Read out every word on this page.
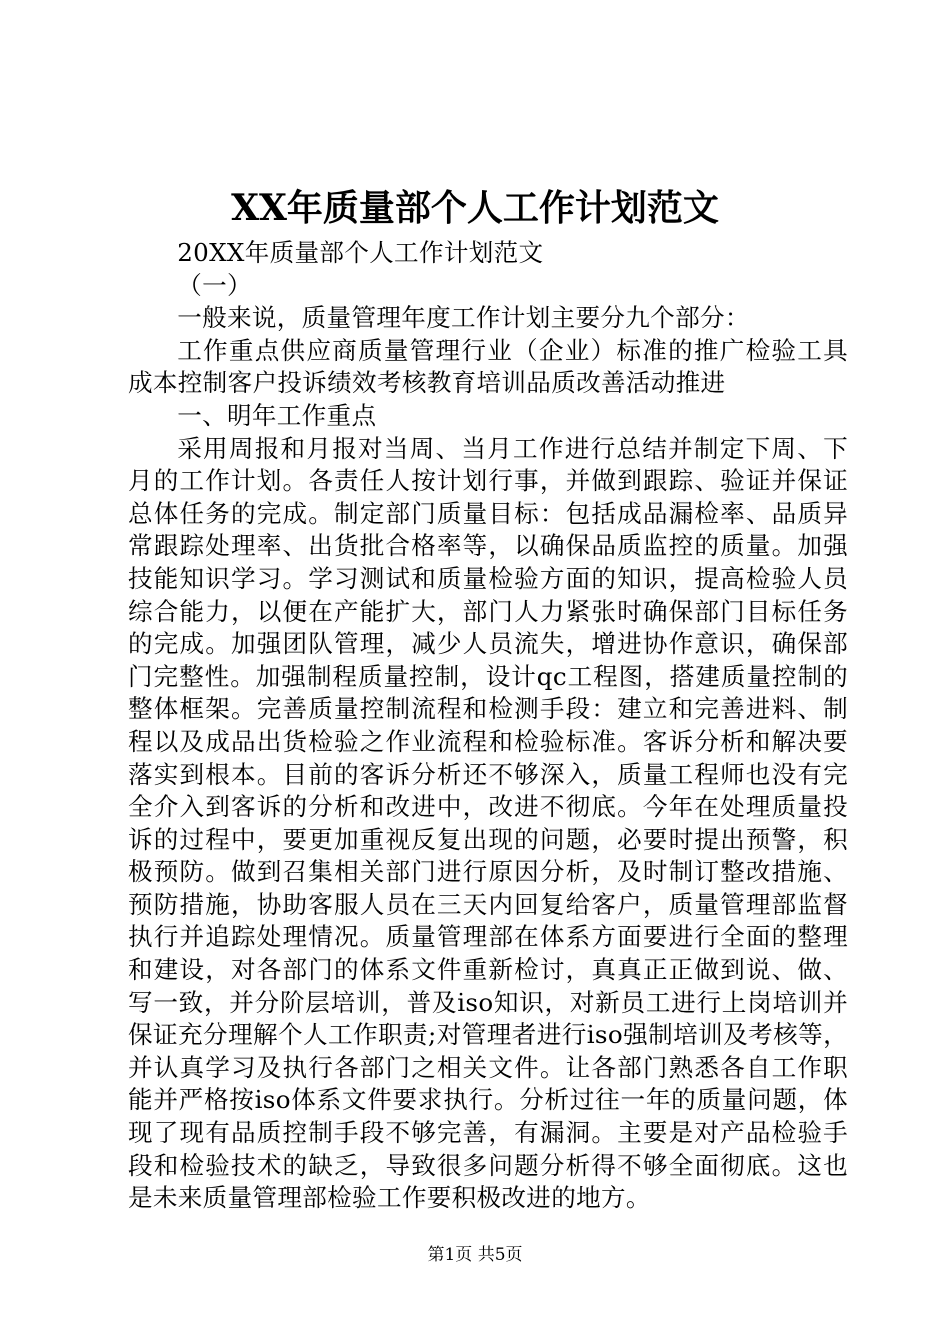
XX年质量部个人工作计划范文

20XX年质量部个人工作计划范文

（一）

一般来说，质量管理年度工作计划主要分九个部分：

工作重点供应商质量管理行业（企业）标准的推广检验工具成本控制客户投诉绩效考核教育培训品质改善活动推进

一、明年工作重点

采用周报和月报对当周、当月工作进行总结并制定下周、下月的工作计划。各责任人按计划行事，并做到跟踪、验证并保证总体任务的完成。制定部门质量目标：包括成品漏检率、品质异常跟踪处理率、出货批合格率等，以确保品质监控的质量。加强技能知识学习。学习测试和质量检验方面的知识，提高检验人员综合能力，以便在产能扩大，部门人力紧张时确保部门目标任务的完成。加强团队管理，减少人员流失，增进协作意识，确保部门完整性。加强制程质量控制，设计qc工程图，搭建质量控制的整体框架。完善质量控制流程和检测手段：建立和完善进料、制程以及成品出货检验之作业流程和检验标准。客诉分析和解决要落实到根本。目前的客诉分析还不够深入，质量工程师也没有完全介入到客诉的分析和改进中，改进不彻底。今年在处理质量投诉的过程中，要更加重视反复出现的问题，必要时提出预警，积极预防。做到召集相关部门进行原因分析，及时制订整改措施、预防措施，协助客服人员在三天内回复给客户，质量管理部监督执行并追踪处理情况。质量管理部在体系方面要进行全面的整理和建设，对各部门的体系文件重新检讨，真真正正做到说、做、写一致，并分阶层培训，普及iso知识，对新员工进行上岗培训并保证充分理解个人工作职责;对管理者进行iso强制培训及考核等，并认真学习及执行各部门之相关文件。让各部门熟悉各自工作职能并严格按iso体系文件要求执行。分析过往一年的质量问题，体现了现有品质控制手段不够完善，有漏洞。主要是对产品检验手段和检验技术的缺乏，导致很多问题分析得不够全面彻底。这也是未来质量管理部检验工作要积极改进的地方。

第1页 共5页
